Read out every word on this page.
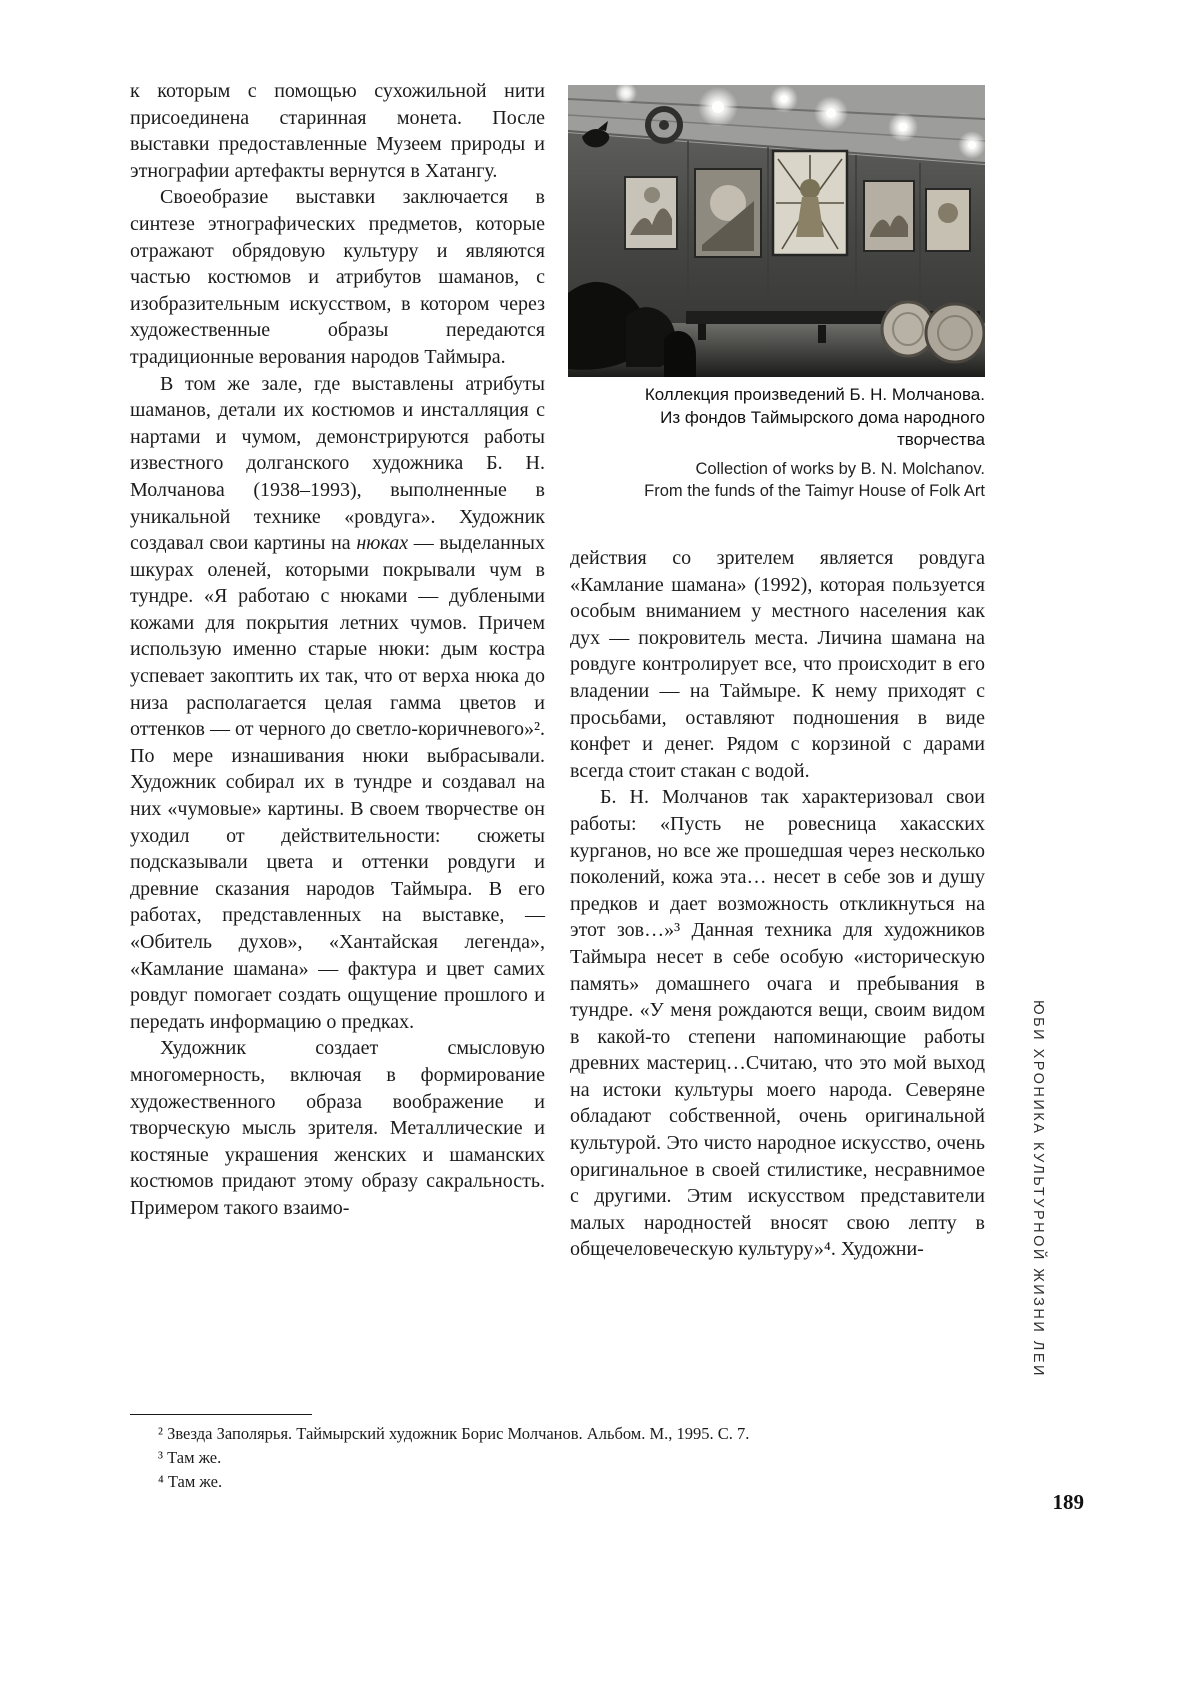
к которым с помощью сухожильной нити присоединена старинная монета. После выставки предоставленные Музеем природы и этнографии артефакты вернутся в Хатангу.

Своеобразие выставки заключается в синтезе этнографических предметов, которые отражают обрядовую культуру и являются частью костюмов и атрибутов шаманов, с изобразительным искусством, в котором через художественные образы передаются традиционные верования народов Таймыра.

В том же зале, где выставлены атрибуты шаманов, детали их костюмов и инсталляция с нартами и чумом, демонстрируются работы известного долганского художника Б. Н. Молчанова (1938–1993), выполненные в уникальной технике «ровдуга». Художник создавал свои картины на нюках — выделанных шкурах оленей, которыми покрывали чум в тундре. «Я работаю с нюками — дублеными кожами для покрытия летних чумов. Причем использую именно старые нюки: дым костра успевает закоптить их так, что от верха нюка до низа располагается целая гамма цветов и оттенков — от черного до светло-коричневого»². По мере изнашивания нюки выбрасывали. Художник собирал их в тундре и создавал на них «чумовые» картины. В своем творчестве он уходил от действительности: сюжеты подсказывали цвета и оттенки ровдуги и древние сказания народов Таймыра. В его работах, представленных на выставке, — «Обитель духов», «Хантайская легенда», «Камлание шамана» — фактура и цвет самих ровдуг помогает создать ощущение прошлого и передать информацию о предках.

Художник создает смысловую многомерность, включая в формирование художественного образа воображение и творческую мысль зрителя. Металлические и костяные украшения женских и шаманских костюмов придают этому образу сакральность. Примером такого взаимо-

Коллекция произведений Б. Н. Молчанова.
Из фондов Таймырского дома народного
творчества
Collection of works by B. N. Molchanov.
From the funds of the Taimyr House of Folk Art

действия со зрителем является ровдуга «Камлание шамана» (1992), которая пользуется особым вниманием у местного населения как дух — покровитель места. Личина шамана на ровдуге контролирует все, что происходит в его владении — на Таймыре. К нему приходят с просьбами, оставляют подношения в виде конфет и денег. Рядом с корзиной с дарами всегда стоит стакан с водой.

Б. Н. Молчанов так характеризовал свои работы: «Пусть не ровесница хакасских курганов, но все же прошедшая через несколько поколений, кожа эта… несет в себе зов и душу предков и дает возможность откликнуться на этот зов…»³ Данная техника для художников Таймыра несет в себе особую «историческую память» домашнего очага и пребывания в тундре. «У меня рождаются вещи, своим видом в какой-то степени напоминающие работы древних мастериц…Считаю, что это мой выход на истоки культуры моего народа. Северяне обладают собственной, очень оригинальной культурой. Это чисто народное искусство, очень оригинальное в своей стилистике, несравнимое с другими. Этим искусством представители малых народностей вносят свою лепту в общечеловеческую культуру»⁴. Художни-

² Звезда Заполярья. Таймырский художник Борис Молчанов. Альбом. М., 1995. С. 7.

³ Там же.

⁴ Там же.

ЮБИ ХРОНИКА КУЛЬТУРНОЙ ЖИЗНИ ЛЕИ
189
